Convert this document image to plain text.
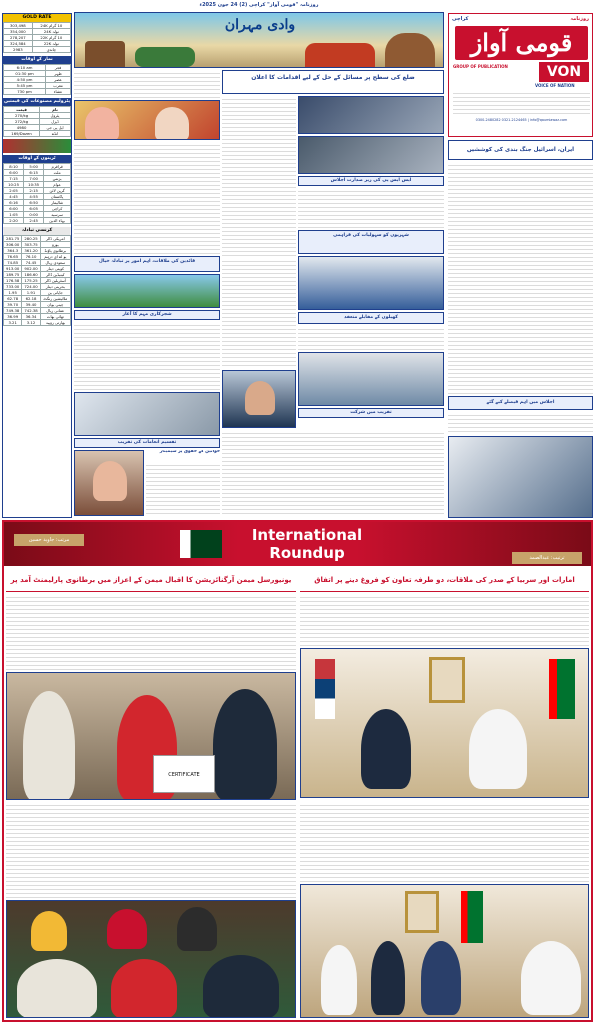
GOLD RATE
303,498	10 گرام 24K
354,000	تولہ 24K
278,207	10 گرام 22K
324,584	تولہ 22K
2983	چاندی
نماز کے اوقات
6:10 am	فجر
01:30 pm	ظہر
4:50 pm	عصر
5:45 pm	مغرب
730 pm	عشاء
پٹرولیم مصنوعات کی قیمتیں
قیمت	نام
270/kg	پٹرول
272/kg	ڈیزل
4980	ایل پی جی
169/Dozen	انڈے
ٹرینوں کے اوقات
8:10	5:00	قراقرم
6:00	6:15	ملت
7:15	7:00	بزنس
10:25	10:35	عوام
2:05	2:15	گرین لائن
4:45	4:55	پاکستان
6:16	6:50	شالیمار
6:00	6:05	کراچی
1:05	0:00	سرسید
2:20	2:45	بہاء الدین
کرنسی تبادلہ
281.75	280.25	امریکی ڈالر
306.00	303.75	یورو
364.3	361.20	برطانوی پاؤنڈ
76.65	76.10	یو اے ای درہم
74.85	74.45	سعودی ریال
913.00	902.00	کویتی دینار
189.75	186.60	کینیڈین ڈالر
176.58	175.25	آسٹریلین ڈالر
733.00	724.00	بحرینی دینار
1.95	1.91	جاپانی ین
62.78	62.18	ملائیشین رنگٹ
39.70	39.40	چینی یوان
749.38	742.38	عمانی ریال
36.99	36.34	تھائی بھات
3.21	3.12	بھارتی روپیہ
روزنامہ "قومی آواز" کراچی (2) 24 جون 2025ء
وادی مہران	روزنامہ
کراچی
قومی آواز
GROUP OF PUBLICATION	VON
VOICE OF NATION
0300-2480282 0321-2124465 | info@qaumiawaz.com
قائدین کی ملاقات، اہم امور پر تبادلہ خیال
شجرکاری مہم کا آغاز
تقسیم انعامات کی تقریب
خواتین کے حقوق پر سیمینار
ضلع کی سطح پر مسائل کے حل کے لیے اقدامات کا اعلان
ایس ایس پی کی زیر صدارت اجلاس
شہریوں کو سہولیات کی فراہمی
کھیلوں کے مقابلے منعقد
تقریب میں شرکت
ایران، اسرائیل جنگ بندی کی کوششیں
اجلاس میں اہم فیصلے کیے گئے
International
Roundup
مرتب: جاوید حسین
ترتیب: عبدالصمد
یونیورسل میمن آرگنائزیشن کا اقبال میمن کے اعزاز میں برطانوی پارلیمنٹ آمد پر	امارات اور سربیا کے صدر کی ملاقات، دو طرفہ تعاون کو فروغ دینے پر اتفاق
CERTIFICATE
